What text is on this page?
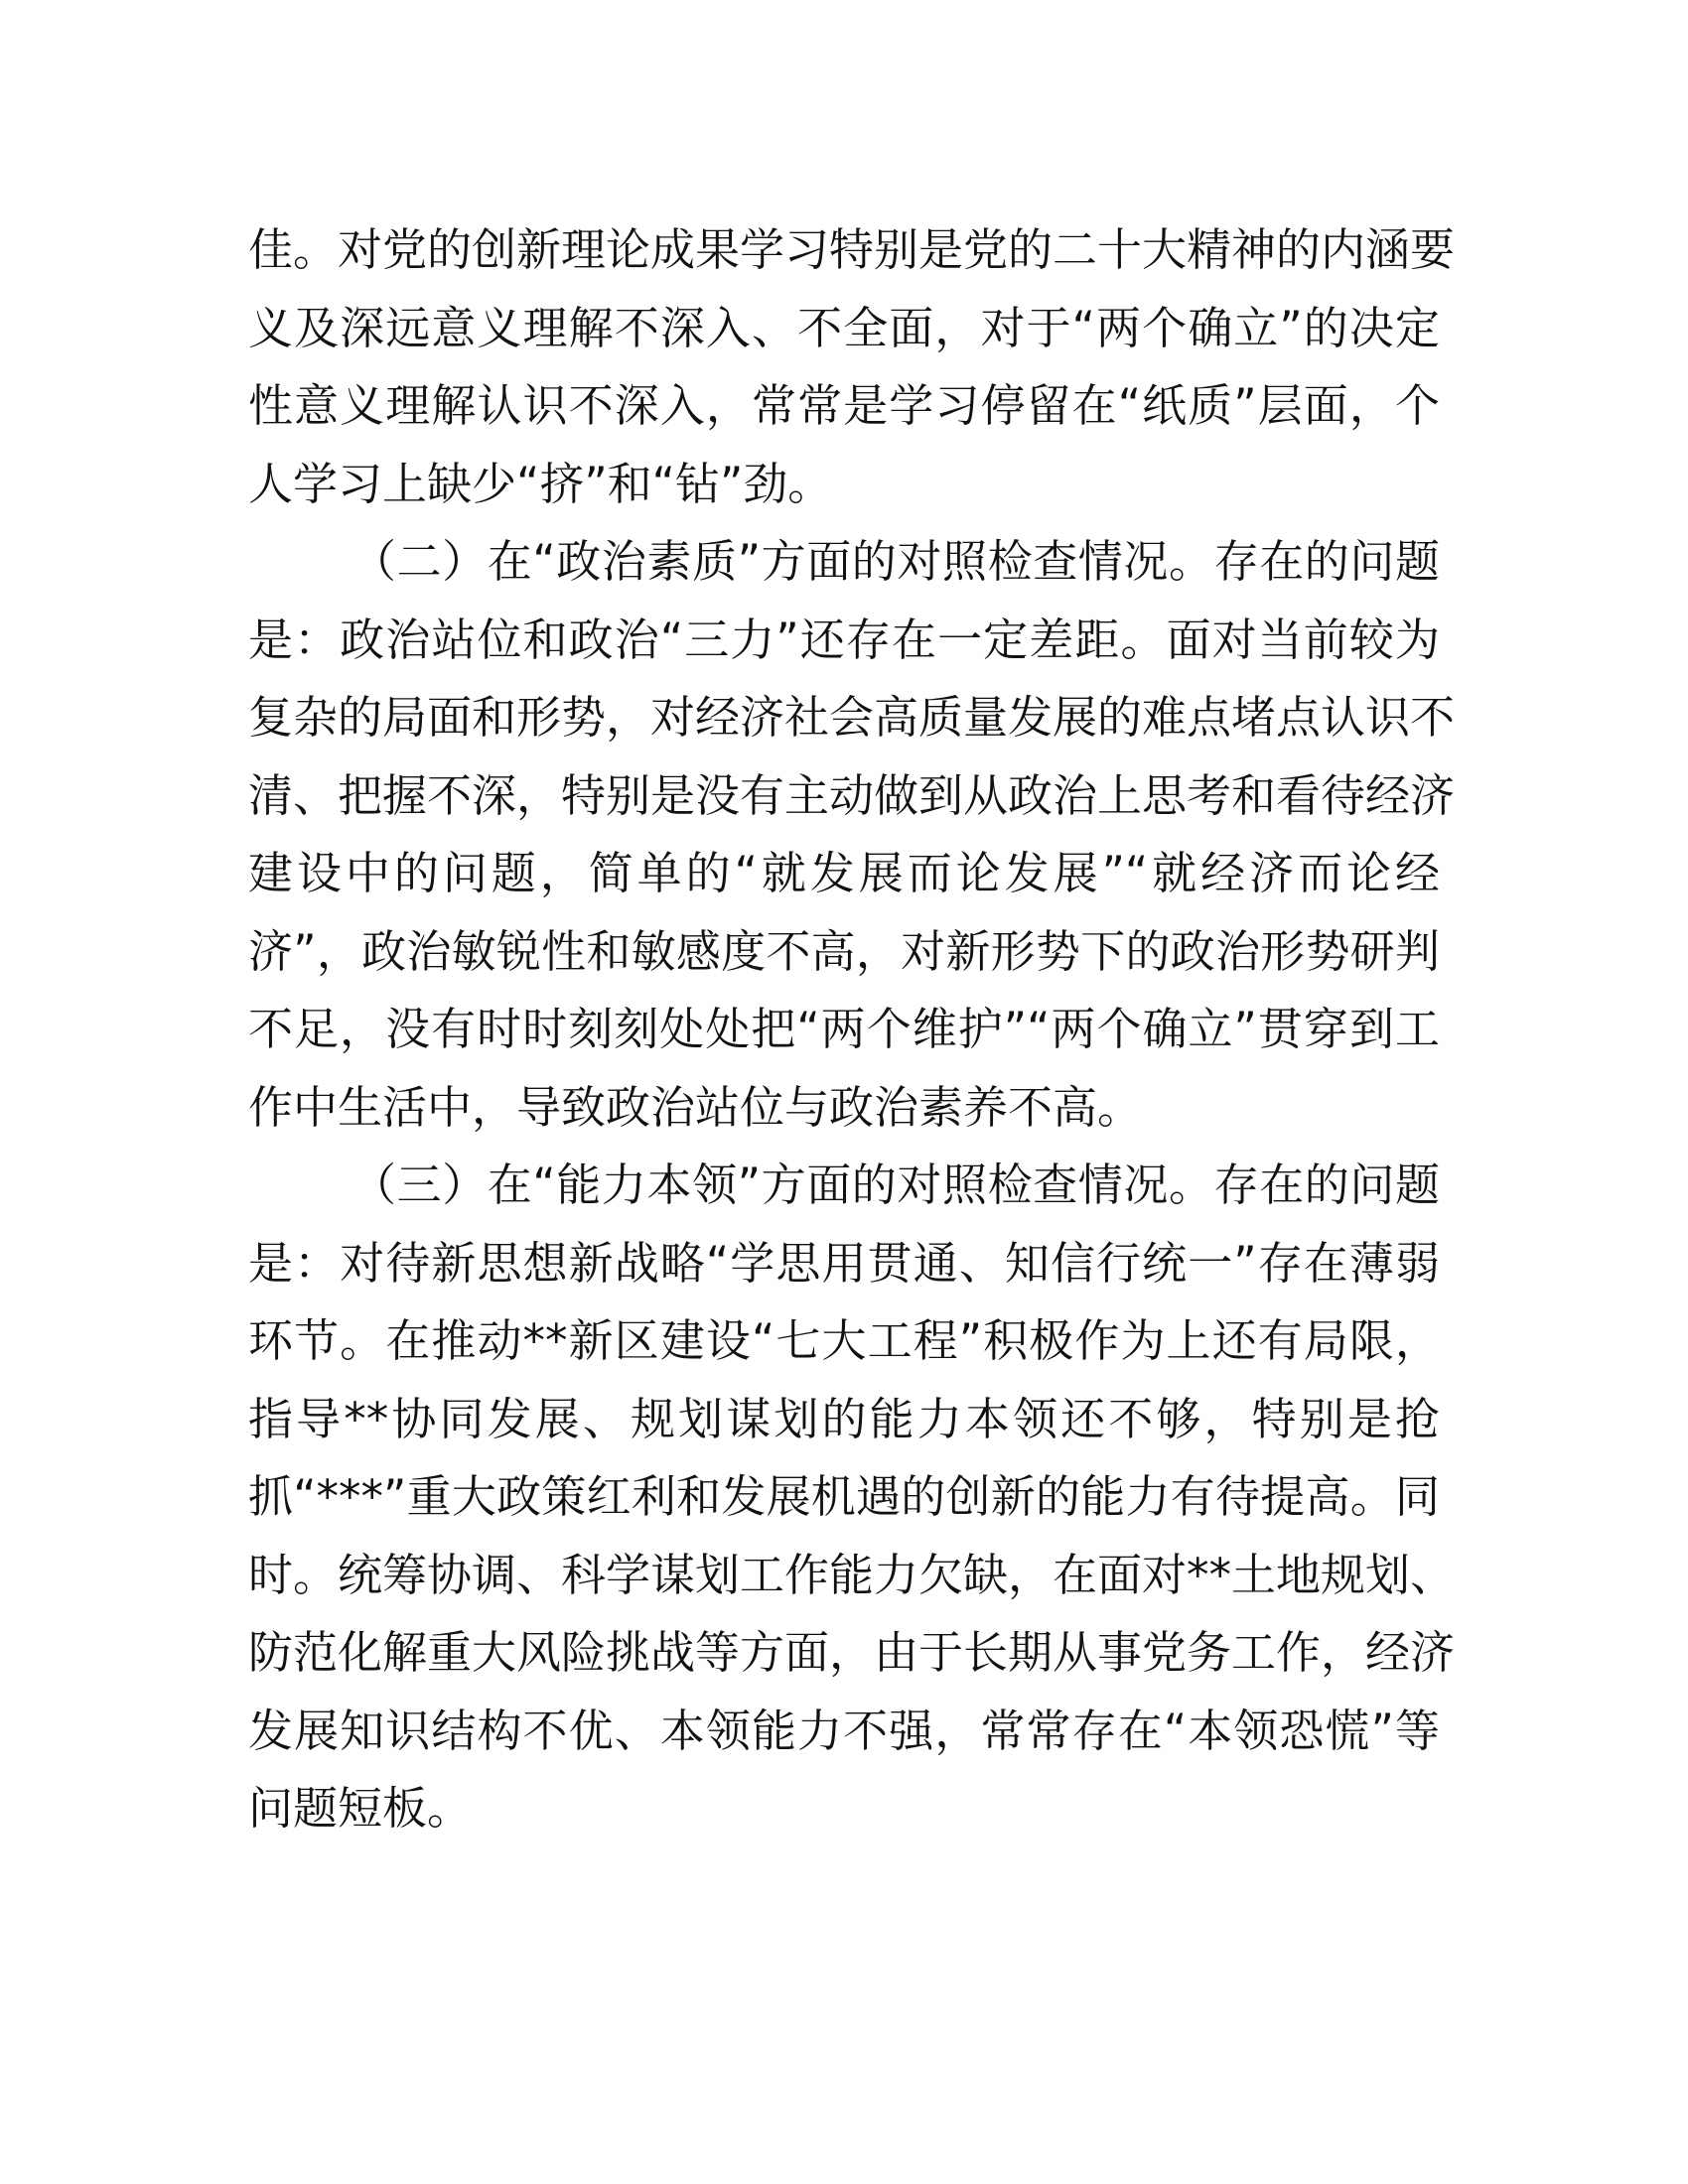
佳。对党的创新理论成果学习特别是党的二十大精神的内涵要
义及深远意义理解不深入、不全面，对于“两个确立”的决定
性意义理解认识不深入，常常是学习停留在“纸质”层面，个
人学习上缺少“挤”和“钻”劲。
（二）在“政治素质”方面的对照检查情况。存在的问题
是：政治站位和政治“三力”还存在一定差距。面对当前较为
复杂的局面和形势，对经济社会高质量发展的难点堵点认识不
清、把握不深，特别是没有主动做到从政治上思考和看待经济
建设中的问题，简单的“就发展而论发展”“就经济而论经
济”，政治敏锐性和敏感度不高，对新形势下的政治形势研判
不足，没有时时刻刻处处把“两个维护”“两个确立”贯穿到工
作中生活中，导致政治站位与政治素养不高。
（三）在“能力本领”方面的对照检查情况。存在的问题
是：对待新思想新战略“学思用贯通、知信行统一”存在薄弱
环节。在推动**新区建设“七大工程”积极作为上还有局限，
指导**协同发展、规划谋划的能力本领还不够，特别是抢
抓“***”重大政策红利和发展机遇的创新的能力有待提高。同
时。统筹协调、科学谋划工作能力欠缺，在面对**土地规划、
防范化解重大风险挑战等方面，由于长期从事党务工作，经济
发展知识结构不优、本领能力不强，常常存在“本领恐慌”等
问题短板。
